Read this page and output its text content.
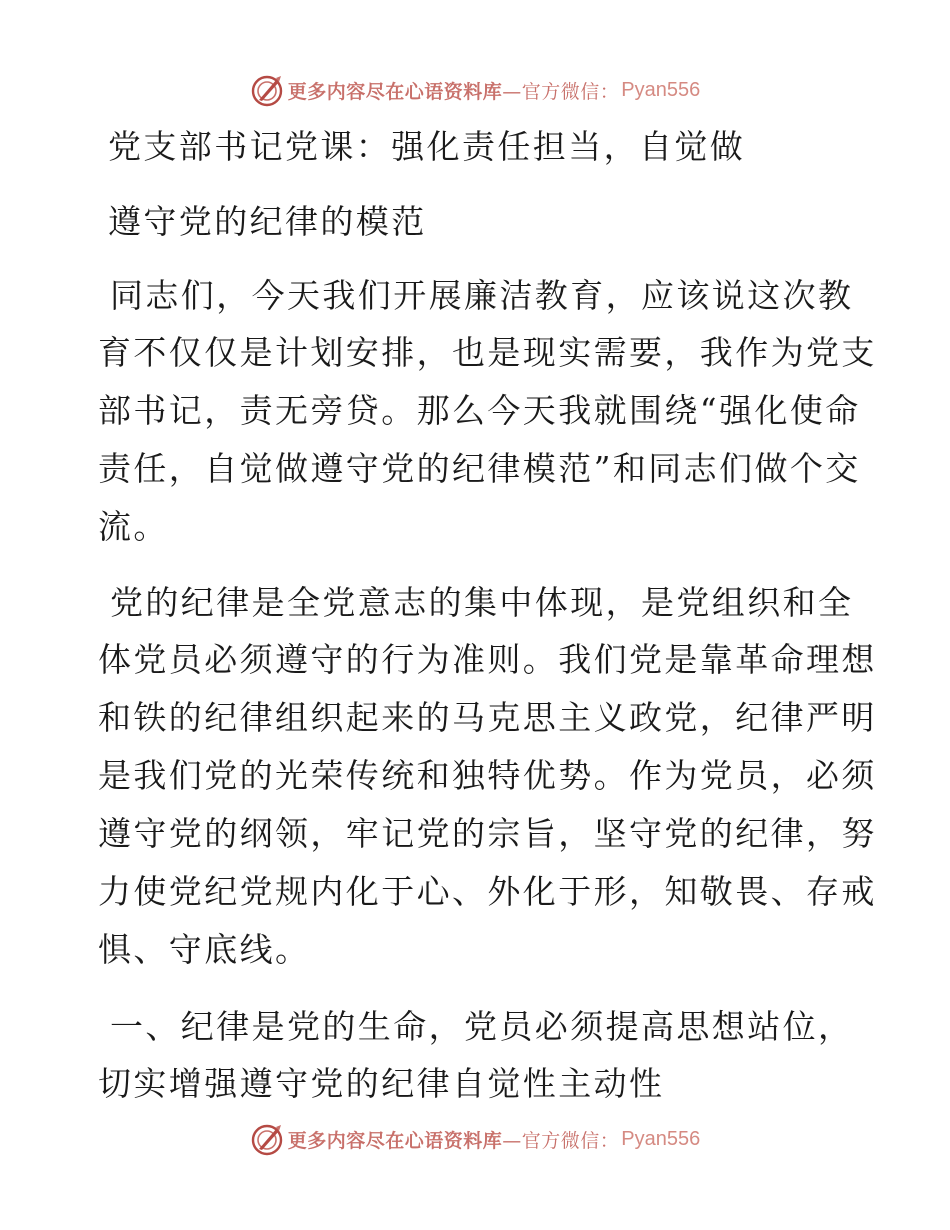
更多内容尽在心语资料库 —官方微信： Pyan556
党支部书记党课：强化责任担当，自觉做
遵守党的纪律的模范
同志们，今天我们开展廉洁教育，应该说这次教
育不仅仅是计划安排，也是现实需要，我作为党支
部书记，责无旁贷。那么今天我就围绕“强化使命
责任，自觉做遵守党的纪律模范”和同志们做个交
流。
党的纪律是全党意志的集中体现，是党组织和全
体党员必须遵守的行为准则。我们党是靠革命理想
和铁的纪律组织起来的马克思主义政党，纪律严明
是我们党的光荣传统和独特优势。作为党员，必须
遵守党的纲领，牢记党的宗旨，坚守党的纪律，努
力使党纪党规内化于心、外化于形，知敬畏、存戒
惧、守底线。
一、纪律是党的生命，党员必须提高思想站位，
切实增强遵守党的纪律自觉性主动性
更多内容尽在心语资料库 —官方微信： Pyan556
